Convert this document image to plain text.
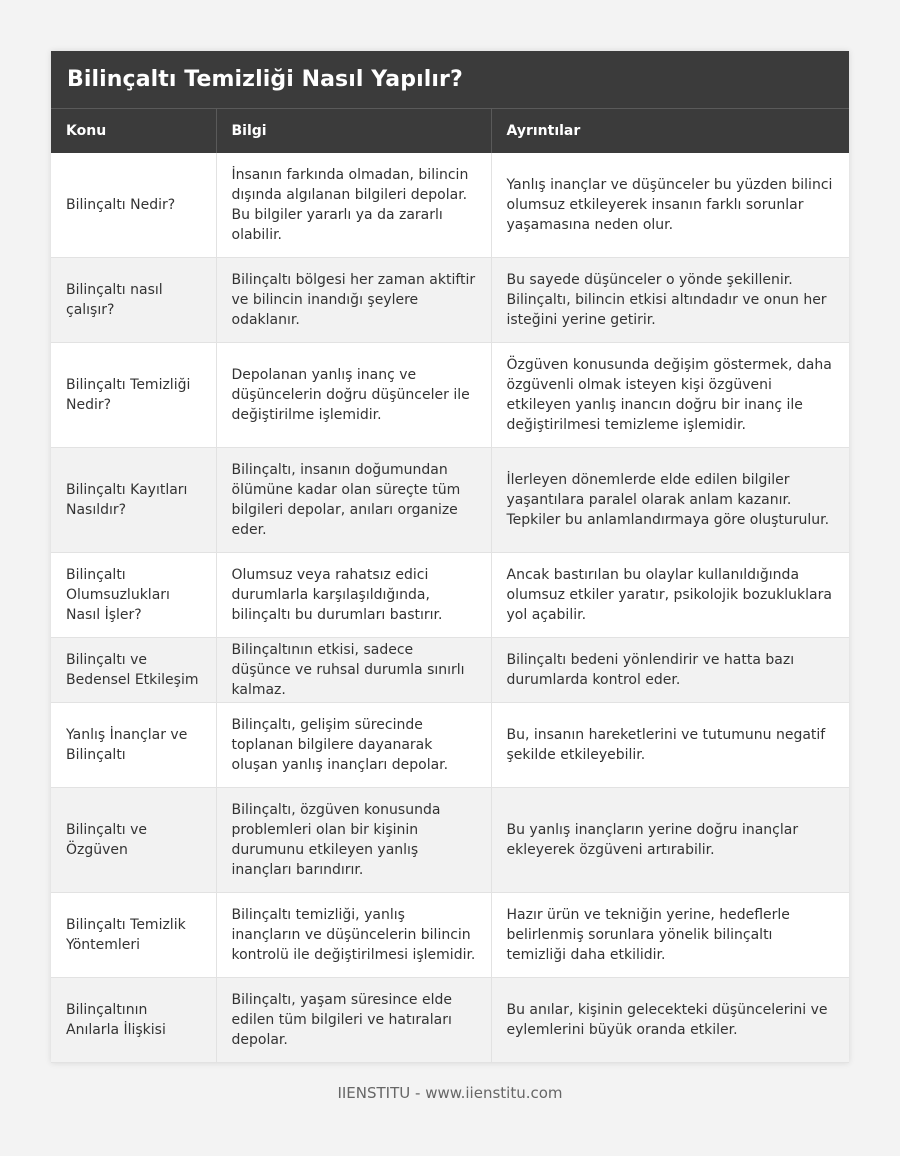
Bilinçaltı Temizliği Nasıl Yapılır?
Konu	Bilgi	Ayrıntılar
Bilinçaltı Nedir?	İnsanın farkında olmadan, bilincin dışında algılanan bilgileri depolar. Bu bilgiler yararlı ya da zararlı olabilir.	Yanlış inançlar ve düşünceler bu yüzden bilinci olumsuz etkileyerek insanın farklı sorunlar yaşamasına neden olur.
Bilinçaltı nasıl çalışır?	Bilinçaltı bölgesi her zaman aktiftir ve bilincin inandığı şeylere odaklanır.	Bu sayede düşünceler o yönde şekillenir. Bilinçaltı, bilincin etkisi altındadır ve onun her isteğini yerine getirir.
Bilinçaltı Temizliği Nedir?	Depolanan yanlış inanç ve düşüncelerin doğru düşünceler ile değiştirilme işlemidir.	Özgüven konusunda değişim göstermek, daha özgüvenli olmak isteyen kişi özgüveni etkileyen yanlış inancın doğru bir inanç ile değiştirilmesi temizleme işlemidir.
Bilinçaltı Kayıtları Nasıldır?	Bilinçaltı, insanın doğumundan ölümüne kadar olan süreçte tüm bilgileri depolar, anıları organize eder.	İlerleyen dönemlerde elde edilen bilgiler yaşantılara paralel olarak anlam kazanır. Tepkiler bu anlamlandırmaya göre oluşturulur.
Bilinçaltı Olumsuzlukları Nasıl İşler?	Olumsuz veya rahatsız edici durumlarla karşılaşıldığında, bilinçaltı bu durumları bastırır.	Ancak bastırılan bu olaylar kullanıldığında olumsuz etkiler yaratır, psikolojik bozukluklara yol açabilir.
Bilinçaltı ve Bedensel Etkileşim	Bilinçaltının etkisi, sadece düşünce ve ruhsal durumla sınırlı kalmaz.	Bilinçaltı bedeni yönlendirir ve hatta bazı durumlarda kontrol eder.
Yanlış İnançlar ve Bilinçaltı	Bilinçaltı, gelişim sürecinde toplanan bilgilere dayanarak oluşan yanlış inançları depolar.	Bu, insanın hareketlerini ve tutumunu negatif şekilde etkileyebilir.
Bilinçaltı ve Özgüven	Bilinçaltı, özgüven konusunda problemleri olan bir kişinin durumunu etkileyen yanlış inançları barındırır.	Bu yanlış inançların yerine doğru inançlar ekleyerek özgüveni artırabilir.
Bilinçaltı Temizlik Yöntemleri	Bilinçaltı temizliği, yanlış inançların ve düşüncelerin bilincin kontrolü ile değiştirilmesi işlemidir.	Hazır ürün ve tekniğin yerine, hedeflerle belirlenmiş sorunlara yönelik bilinçaltı temizliği daha etkilidir.
Bilinçaltının Anılarla İlişkisi	Bilinçaltı, yaşam süresince elde edilen tüm bilgileri ve hatıraları depolar.	Bu anılar, kişinin gelecekteki düşüncelerini ve eylemlerini büyük oranda etkiler.
IIENSTITU - www.iienstitu.com
